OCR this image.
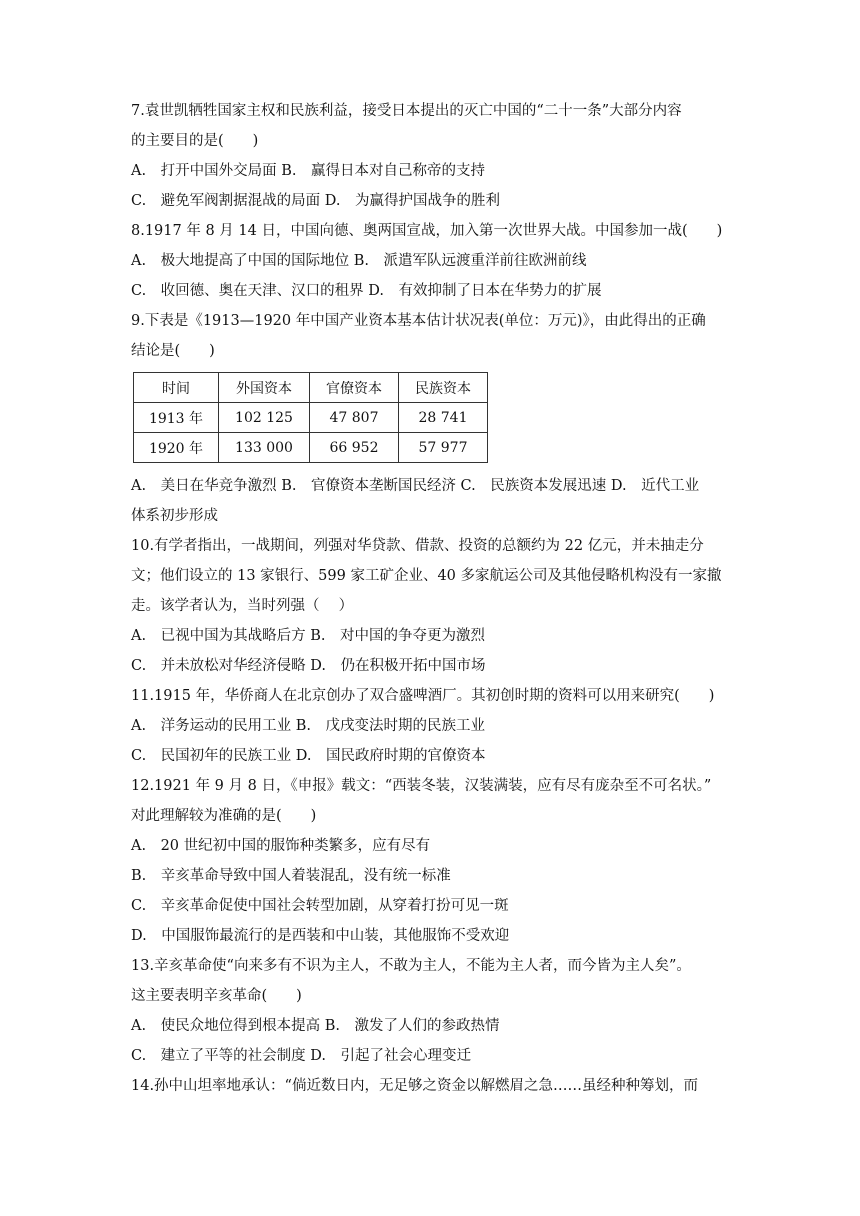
7.袁世凯牺牲国家主权和民族利益，接受日本提出的灭亡中国的“二十一条”大部分内容
的主要目的是(　　)
A.　打开中国外交局面 B.　赢得日本对自己称帝的支持
C.　避免军阀割据混战的局面 D.　为赢得护国战争的胜利
8.1917 年 8 月 14 日，中国向德、奥两国宣战，加入第一次世界大战。中国参加一战(　　)
A.　极大地提高了中国的国际地位 B.　派遣军队远渡重洋前往欧洲前线
C.　收回德、奥在天津、汉口的租界 D.　有效抑制了日本在华势力的扩展
9.下表是《1913—1920 年中国产业资本基本估计状况表(单位：万元)》，由此得出的正确
结论是(　　)
时间	外国资本	官僚资本	民族资本
1913 年	102 125	47 807	28 741
1920 年	133 000	66 952	57 977
A.　美日在华竞争激烈 B.　官僚资本垄断国民经济 C.　民族资本发展迅速 D.　近代工业
体系初步形成
10.有学者指出，一战期间，列强对华贷款、借款、投资的总额约为 22 亿元，并未抽走分
文；他们设立的 13 家银行、599 家工矿企业、40 多家航运公司及其他侵略机构没有一家撤
走。该学者认为，当时列强（　 ）
A.　已视中国为其战略后方 B.　对中国的争夺更为激烈
C.　并未放松对华经济侵略 D.　仍在积极开拓中国市场
11.1915 年，华侨商人在北京创办了双合盛啤酒厂。其初创时期的资料可以用来研究(　　)
A.　洋务运动的民用工业 B.　戊戌变法时期的民族工业
C.　民国初年的民族工业 D.　国民政府时期的官僚资本
12.1921 年 9 月 8 日，《申报》载文：“西装冬装，汉装满装，应有尽有庞杂至不可名状。”
对此理解较为准确的是(　　)
A.　20 世纪初中国的服饰种类繁多，应有尽有
B.　辛亥革命导致中国人着装混乱，没有统一标准
C.　辛亥革命促使中国社会转型加剧，从穿着打扮可见一斑
D.　中国服饰最流行的是西装和中山装，其他服饰不受欢迎
13.辛亥革命使“向来多有不识为主人，不敢为主人，不能为主人者，而今皆为主人矣”。
这主要表明辛亥革命(　　)
A.　使民众地位得到根本提高 B.　激发了人们的参政热情
C.　建立了平等的社会制度 D.　引起了社会心理变迁
14.孙中山坦率地承认：“倘近数日内，无足够之资金以解燃眉之急……虽经种种筹划，而
